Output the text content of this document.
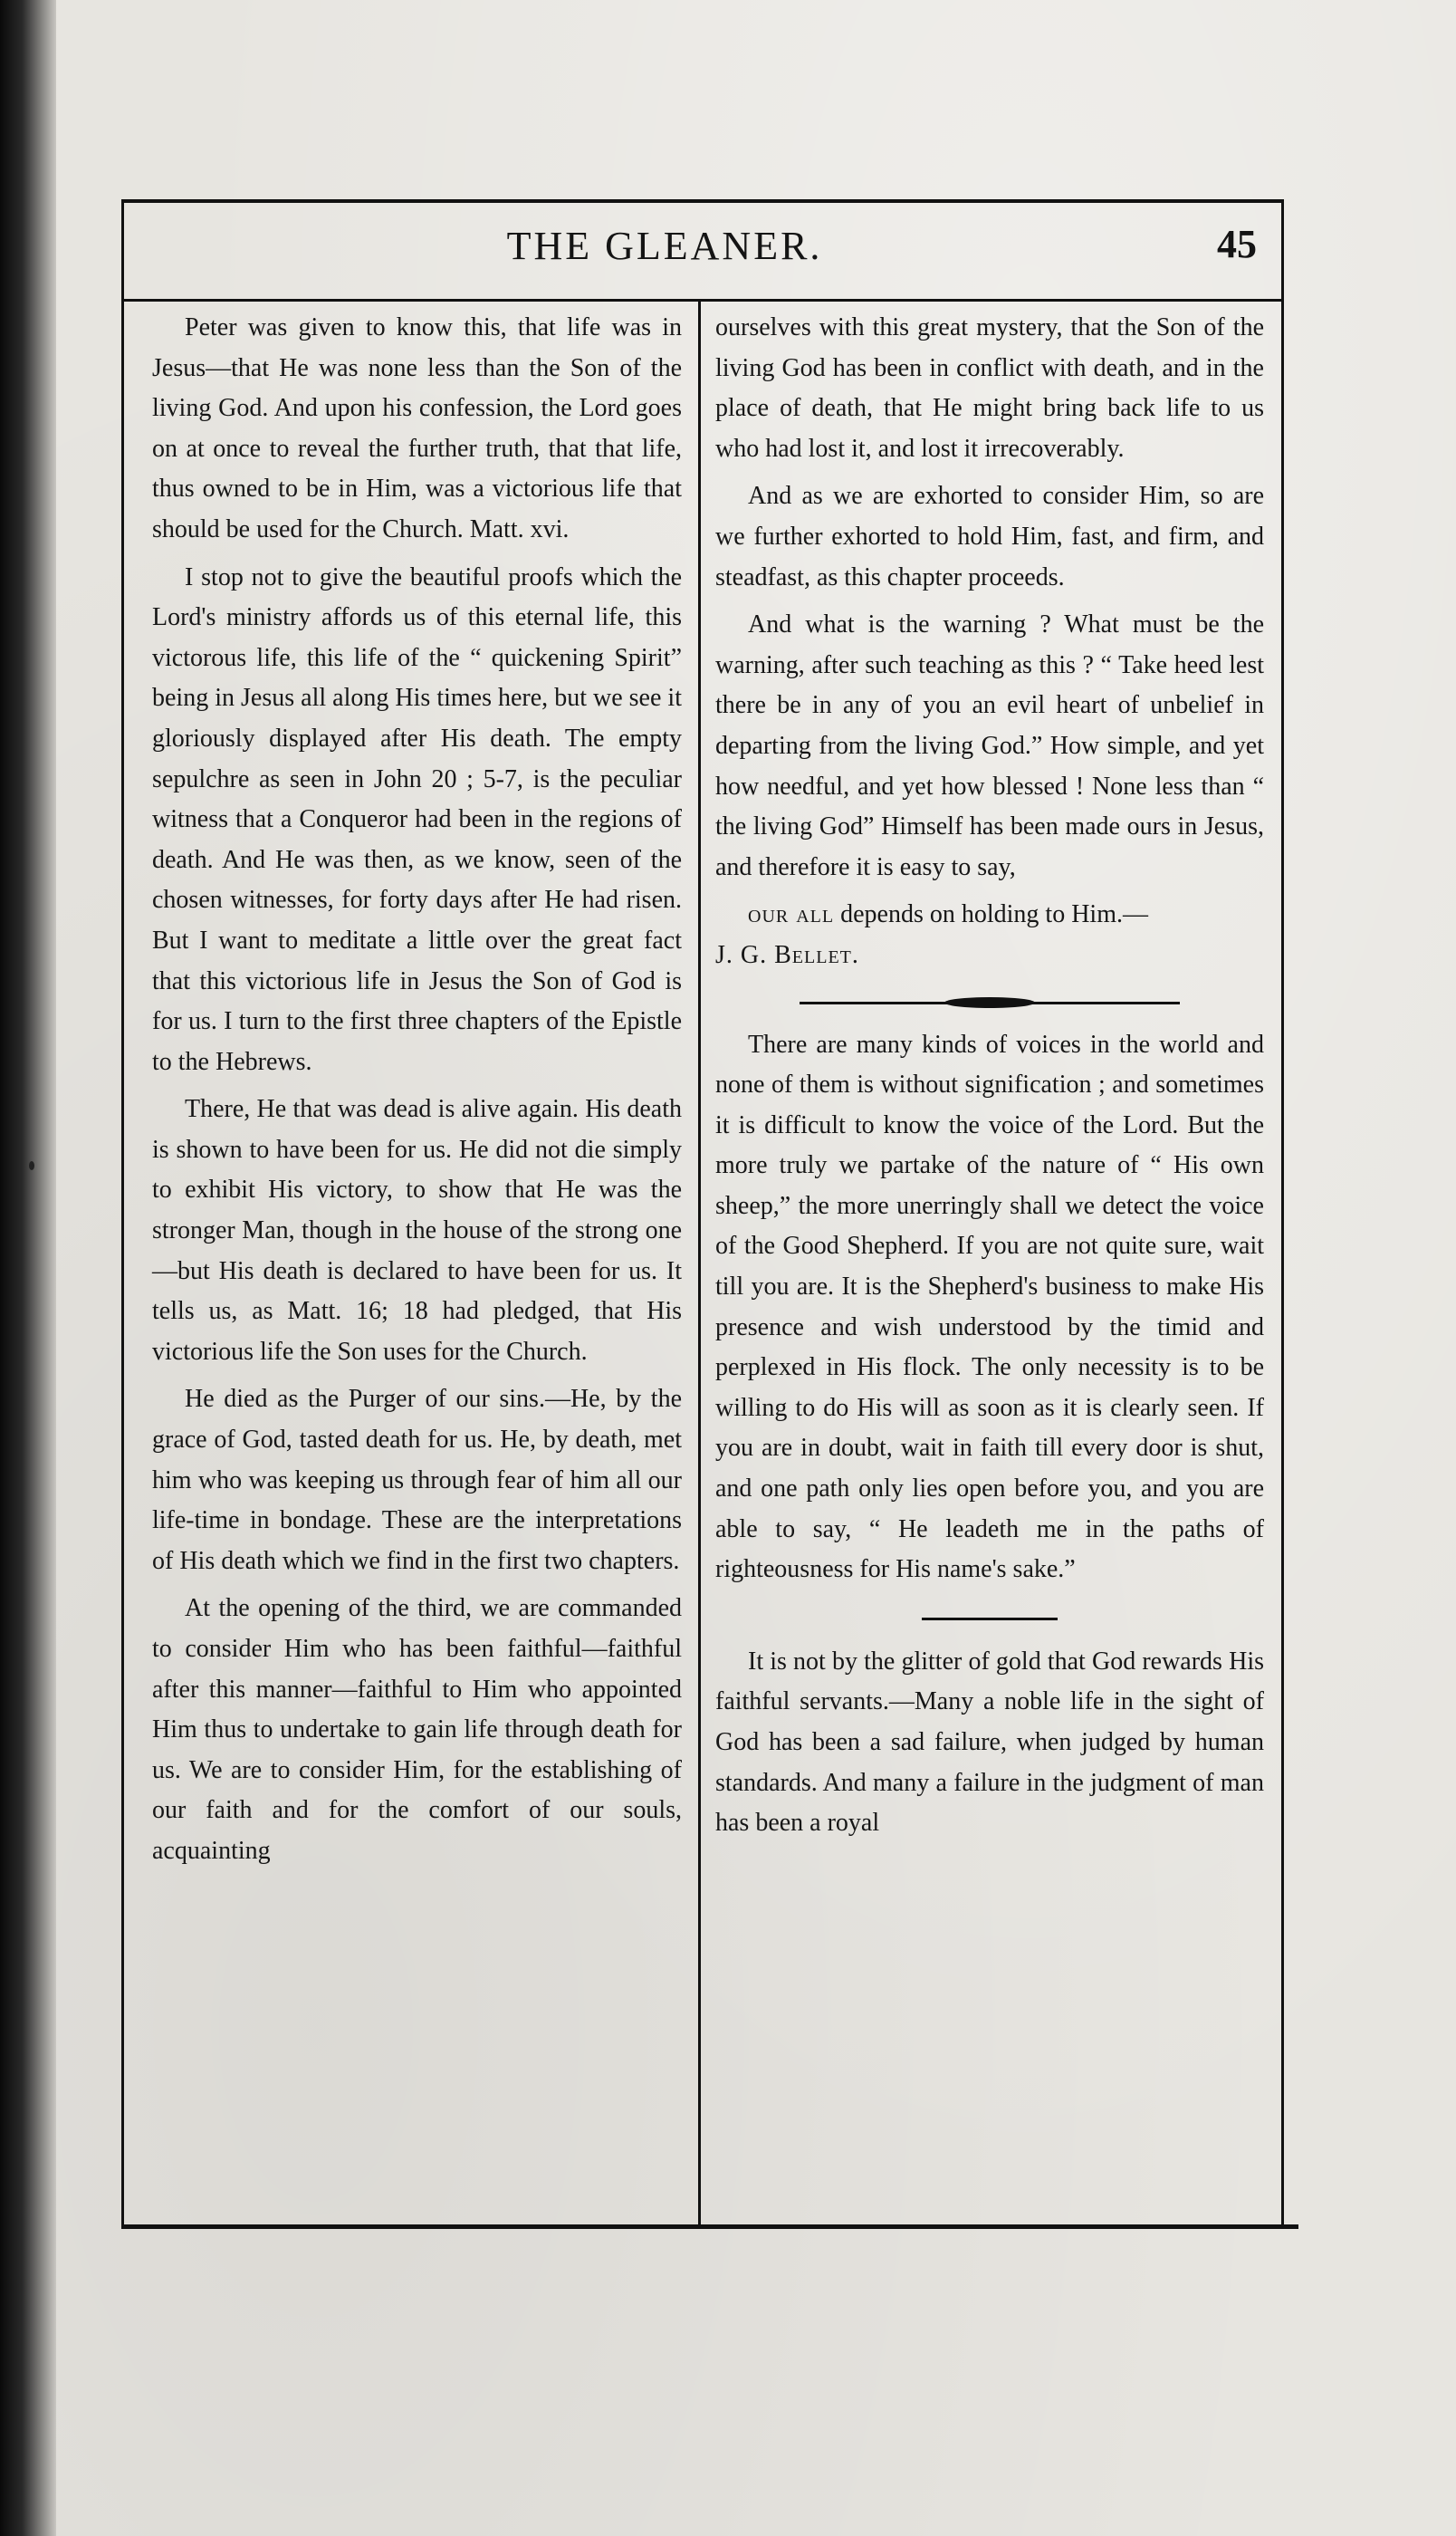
THE GLEANER.	45

Peter was given to know this, that life was in Jesus—that He was none less than the Son of the living God. And upon his confession, the Lord goes on at once to reveal the further truth, that that life, thus owned to be in Him, was a victorious life that should be used for the Church. Matt. xvi.

I stop not to give the beautiful proofs which the Lord's ministry affords us of this eternal life, this victorous life, this life of the “ quickening Spirit” being in Jesus all along His times here, but we see it gloriously displayed after His death. The empty sepulchre as seen in John 20 ; 5-7, is the peculiar witness that a Conqueror had been in the regions of death. And He was then, as we know, seen of the chosen witnesses, for forty days after He had risen. But I want to meditate a little over the great fact that this victorious life in Jesus the Son of God is for us. I turn to the first three chapters of the Epistle to the Hebrews.

There, He that was dead is alive again. His death is shown to have been for us. He did not die simply to exhibit His victory, to show that He was the stronger Man, though in the house of the strong one—but His death is declared to have been for us. It tells us, as Matt. 16; 18 had pledged, that His victorious life the Son uses for the Church.

He died as the Purger of our sins.—He, by the grace of God, tasted death for us. He, by death, met him who was keeping us through fear of him all our life-time in bondage. These are the interpretations of His death which we find in the first two chapters.

At the opening of the third, we are commanded to consider Him who has been faithful—faithful after this manner—faithful to Him who appointed Him thus to undertake to gain life through death for us. We are to consider Him, for the establishing of our faith and for the comfort of our souls, acquainting

ourselves with this great mystery, that the Son of the living God has been in conflict with death, and in the place of death, that He might bring back life to us who had lost it, and lost it irrecoverably.

And as we are exhorted to consider Him, so are we further exhorted to hold Him, fast, and firm, and steadfast, as this chapter proceeds.

And what is the warning ? What must be the warning, after such teaching as this ? “ Take heed lest there be in any of you an evil heart of unbelief in departing from the living God.” How simple, and yet how needful, and yet how blessed ! None less than “ the living God” Himself has been made ours in Jesus, and therefore it is easy to say,

our all depends on holding to Him.—
J. G. Bellet.

There are many kinds of voices in the world and none of them is without signification ; and sometimes it is difficult to know the voice of the Lord. But the more truly we partake of the nature of “ His own sheep,” the more unerringly shall we detect the voice of the Good Shepherd. If you are not quite sure, wait till you are. It is the Shepherd's business to make His presence and wish understood by the timid and perplexed in His flock. The only necessity is to be willing to do His will as soon as it is clearly seen. If you are in doubt, wait in faith till every door is shut, and one path only lies open before you, and you are able to say, “ He leadeth me in the paths of righteousness for His name's sake.”

It is not by the glitter of gold that God rewards His faithful servants.—Many a noble life in the sight of God has been a sad failure, when judged by human standards. And many a failure in the judgment of man has been a royal
